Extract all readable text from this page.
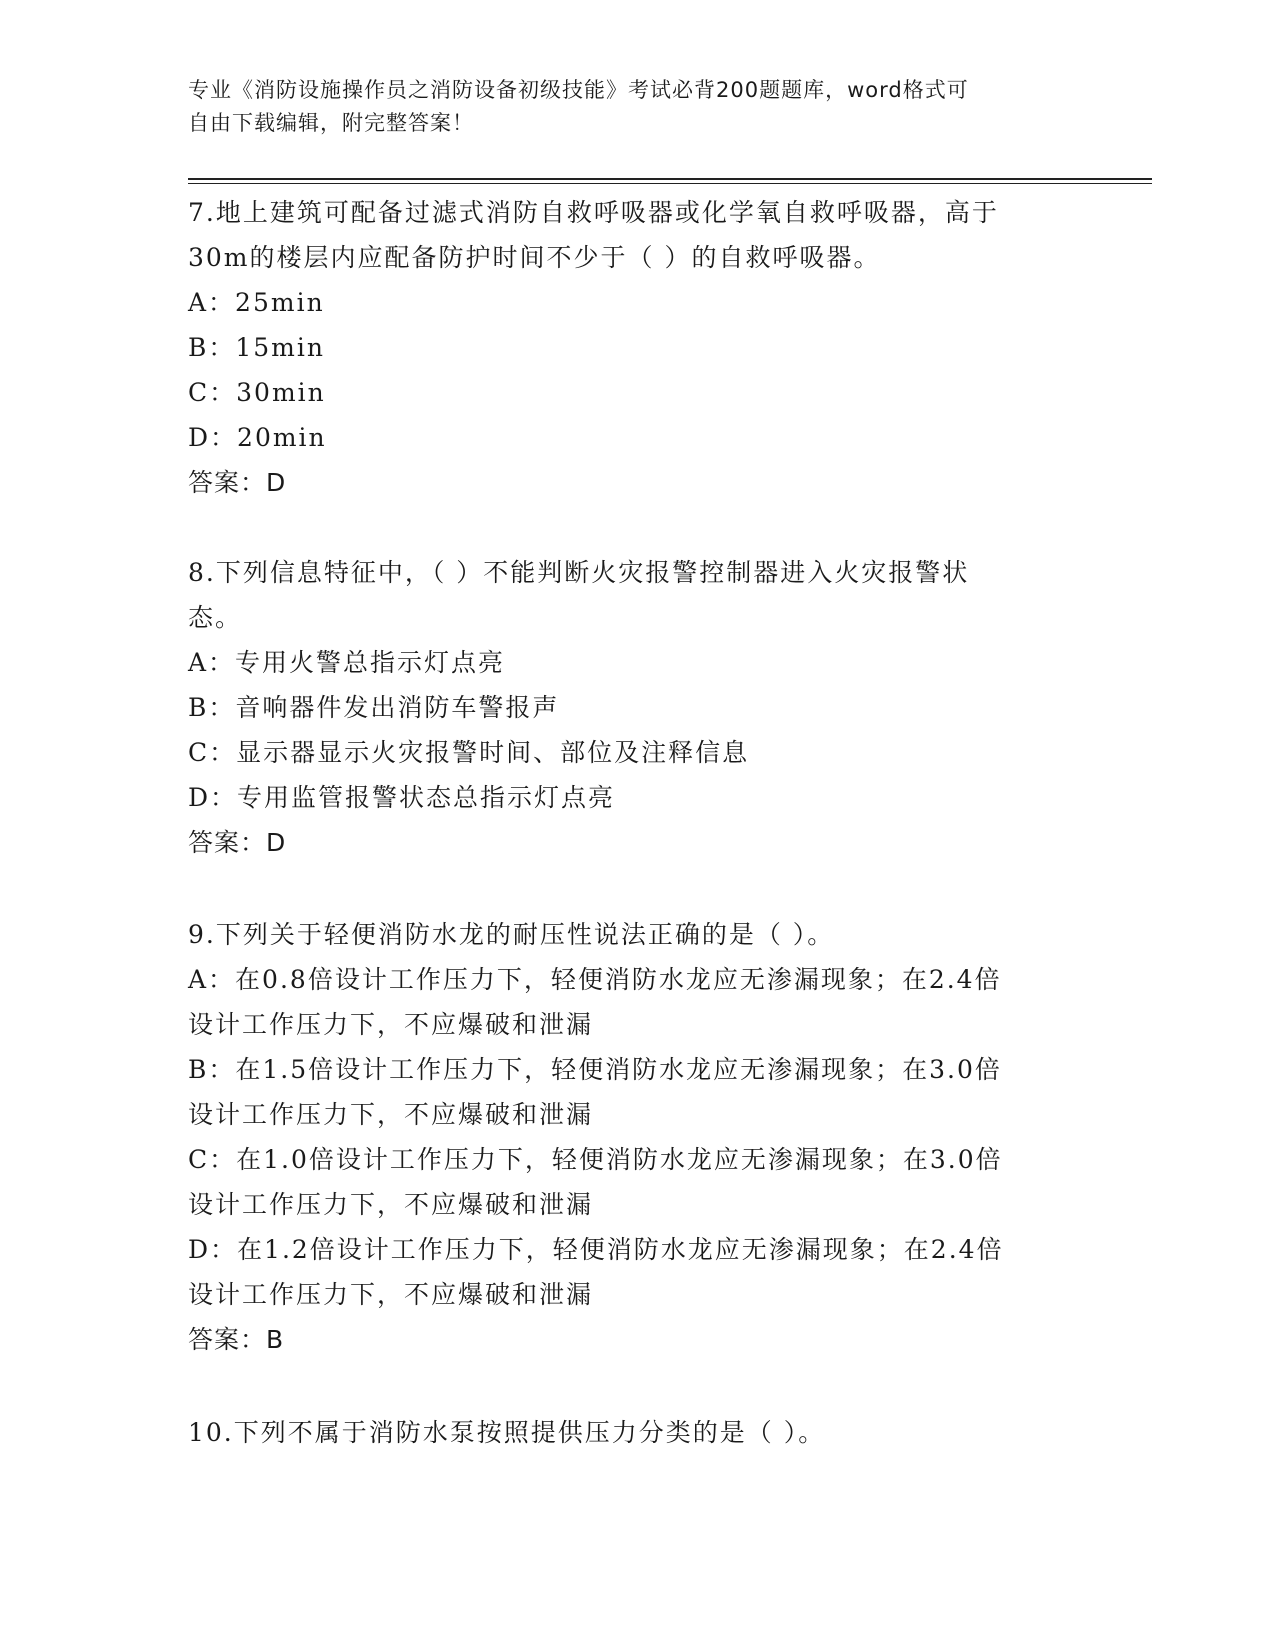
专业《消防设施操作员之消防设备初级技能》考试必背200题题库，word格式可
自由下载编辑，附完整答案！
7.地上建筑可配备过滤式消防自救呼吸器或化学氧自救呼吸器，高于
30m的楼层内应配备防护时间不少于（ ）的自救呼吸器。
A：25min
B：15min
C：30min
D：20min
答案：D
8.下列信息特征中，（ ）不能判断火灾报警控制器进入火灾报警状
态。
A：专用火警总指示灯点亮
B：音响器件发出消防车警报声
C：显示器显示火灾报警时间、部位及注释信息
D：专用监管报警状态总指示灯点亮
答案：D
9.下列关于轻便消防水龙的耐压性说法正确的是（ ）。
A：在0.8倍设计工作压力下，轻便消防水龙应无渗漏现象；在2.4倍
设计工作压力下，不应爆破和泄漏
B：在1.5倍设计工作压力下，轻便消防水龙应无渗漏现象；在3.0倍
设计工作压力下，不应爆破和泄漏
C：在1.0倍设计工作压力下，轻便消防水龙应无渗漏现象；在3.0倍
设计工作压力下，不应爆破和泄漏
D：在1.2倍设计工作压力下，轻便消防水龙应无渗漏现象；在2.4倍
设计工作压力下，不应爆破和泄漏
答案：B
10.下列不属于消防水泵按照提供压力分类的是（ ）。
